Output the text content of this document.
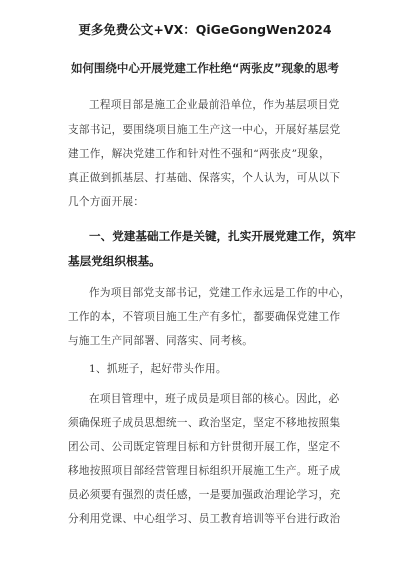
更多免费公文+VX：QiGeGongWen2024
如何围绕中心开展党建工作杜绝“两张皮”现象的思考
工程项目部是施工企业最前沿单位，作为基层项目党
支部书记，要围绕项目施工生产这一中心，开展好基层党
建工作，解决党建工作和针对性不强和“两张皮”现象，
真正做到抓基层、打基础、保落实，个人认为，可从以下
几个方面开展：
一、党建基础工作是关键，扎实开展党建工作，筑牢
基层党组织根基。
作为项目部党支部书记，党建工作永远是工作的中心，
工作的本，不管项目施工生产有多忙，都要确保党建工作
与施工生产同部署、同落实、同考核。
1、抓班子，起好带头作用。
在项目管理中，班子成员是项目部的核心。因此，必
须确保班子成员思想统一、政治坚定，坚定不移地按照集
团公司、公司既定管理目标和方针贯彻开展工作，坚定不
移地按照项目部经营管理目标组织开展施工生产。班子成
员必须要有强烈的责任感，一是要加强政治理论学习，充
分利用党课、中心组学习、员工教育培训等平台进行政治
